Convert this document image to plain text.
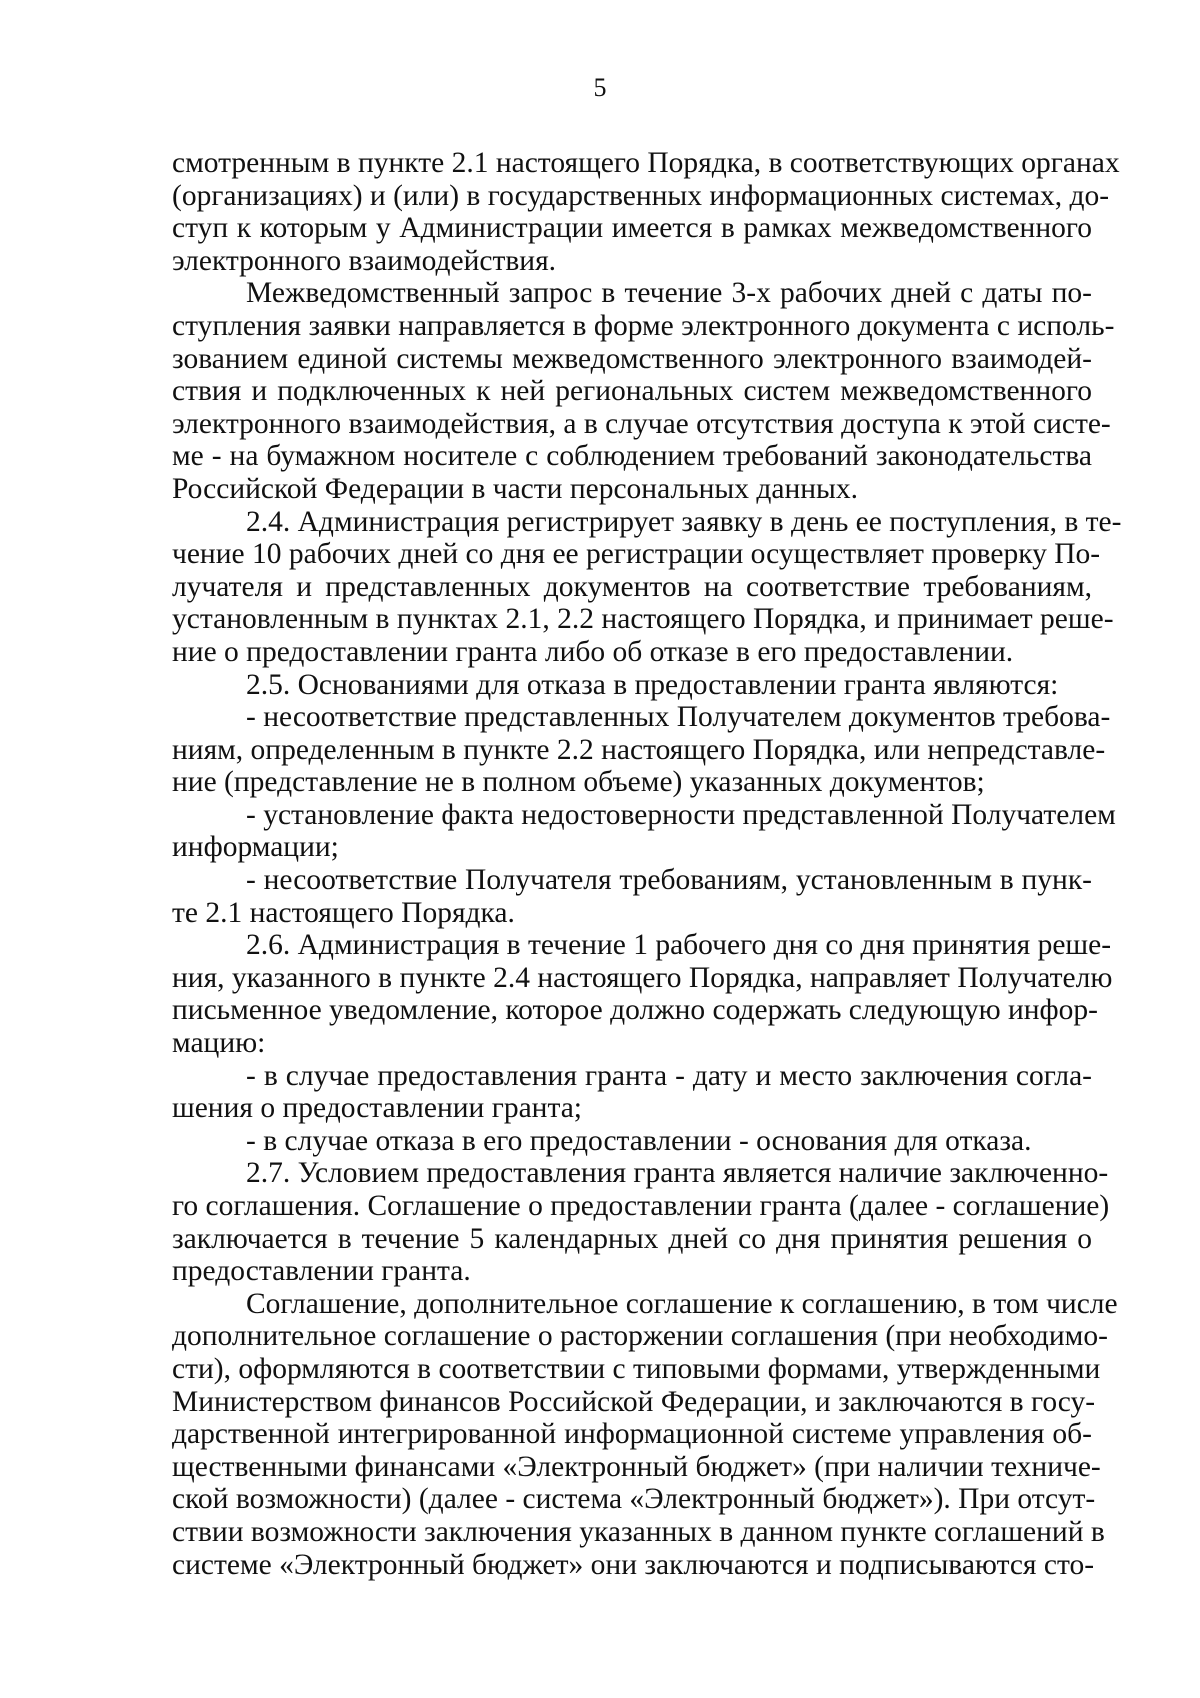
5
смотренным в пункте 2.1 настоящего Порядка, в соответствующих органах
(организациях) и (или) в государственных информационных системах, до-
ступ к которым у Администрации имеется в рамках межведомственного
электронного взаимодействия.
Межведомственный запрос в течение 3-х рабочих дней с даты по-
ступления заявки направляется в форме электронного документа с исполь-
зованием единой системы межведомственного электронного взаимодей-
ствия и подключенных к ней региональных систем межведомственного
электронного взаимодействия, а в случае отсутствия доступа к этой систе-
ме - на бумажном носителе с соблюдением требований законодательства
Российской Федерации в части персональных данных.
2.4. Администрация регистрирует заявку в день ее поступления, в те-
чение 10 рабочих дней со дня ее регистрации осуществляет проверку По-
лучателя и представленных документов на соответствие требованиям,
установленным в пунктах 2.1, 2.2 настоящего Порядка, и принимает реше-
ние о предоставлении гранта либо об отказе в его предоставлении.
2.5. Основаниями для отказа в предоставлении гранта являются:
- несоответствие представленных Получателем документов требова-
ниям, определенным в пункте 2.2 настоящего Порядка, или непредставле-
ние (представление не в полном объеме) указанных документов;
- установление факта недостоверности представленной Получателем
информации;
- несоответствие Получателя требованиям, установленным в пунк-
те 2.1 настоящего Порядка.
2.6. Администрация в течение 1 рабочего дня со дня принятия реше-
ния, указанного в пункте 2.4 настоящего Порядка, направляет Получателю
письменное уведомление, которое должно содержать следующую инфор-
мацию:
- в случае предоставления гранта - дату и место заключения согла-
шения о предоставлении гранта;
- в случае отказа в его предоставлении - основания для отказа.
2.7. Условием предоставления гранта является наличие заключенно-
го соглашения. Соглашение о предоставлении гранта (далее - соглашение)
заключается в течение 5 календарных дней со дня принятия решения о
предоставлении гранта.
Соглашение, дополнительное соглашение к соглашению, в том числе
дополнительное соглашение о расторжении соглашения (при необходимо-
сти), оформляются в соответствии с типовыми формами, утвержденными
Министерством финансов Российской Федерации, и заключаются в госу-
дарственной интегрированной информационной системе управления об-
щественными финансами «Электронный бюджет» (при наличии техниче-
ской возможности) (далее - система «Электронный бюджет»). При отсут-
ствии возможности заключения указанных в данном пункте соглашений в
системе «Электронный бюджет» они заключаются и подписываются сто-
